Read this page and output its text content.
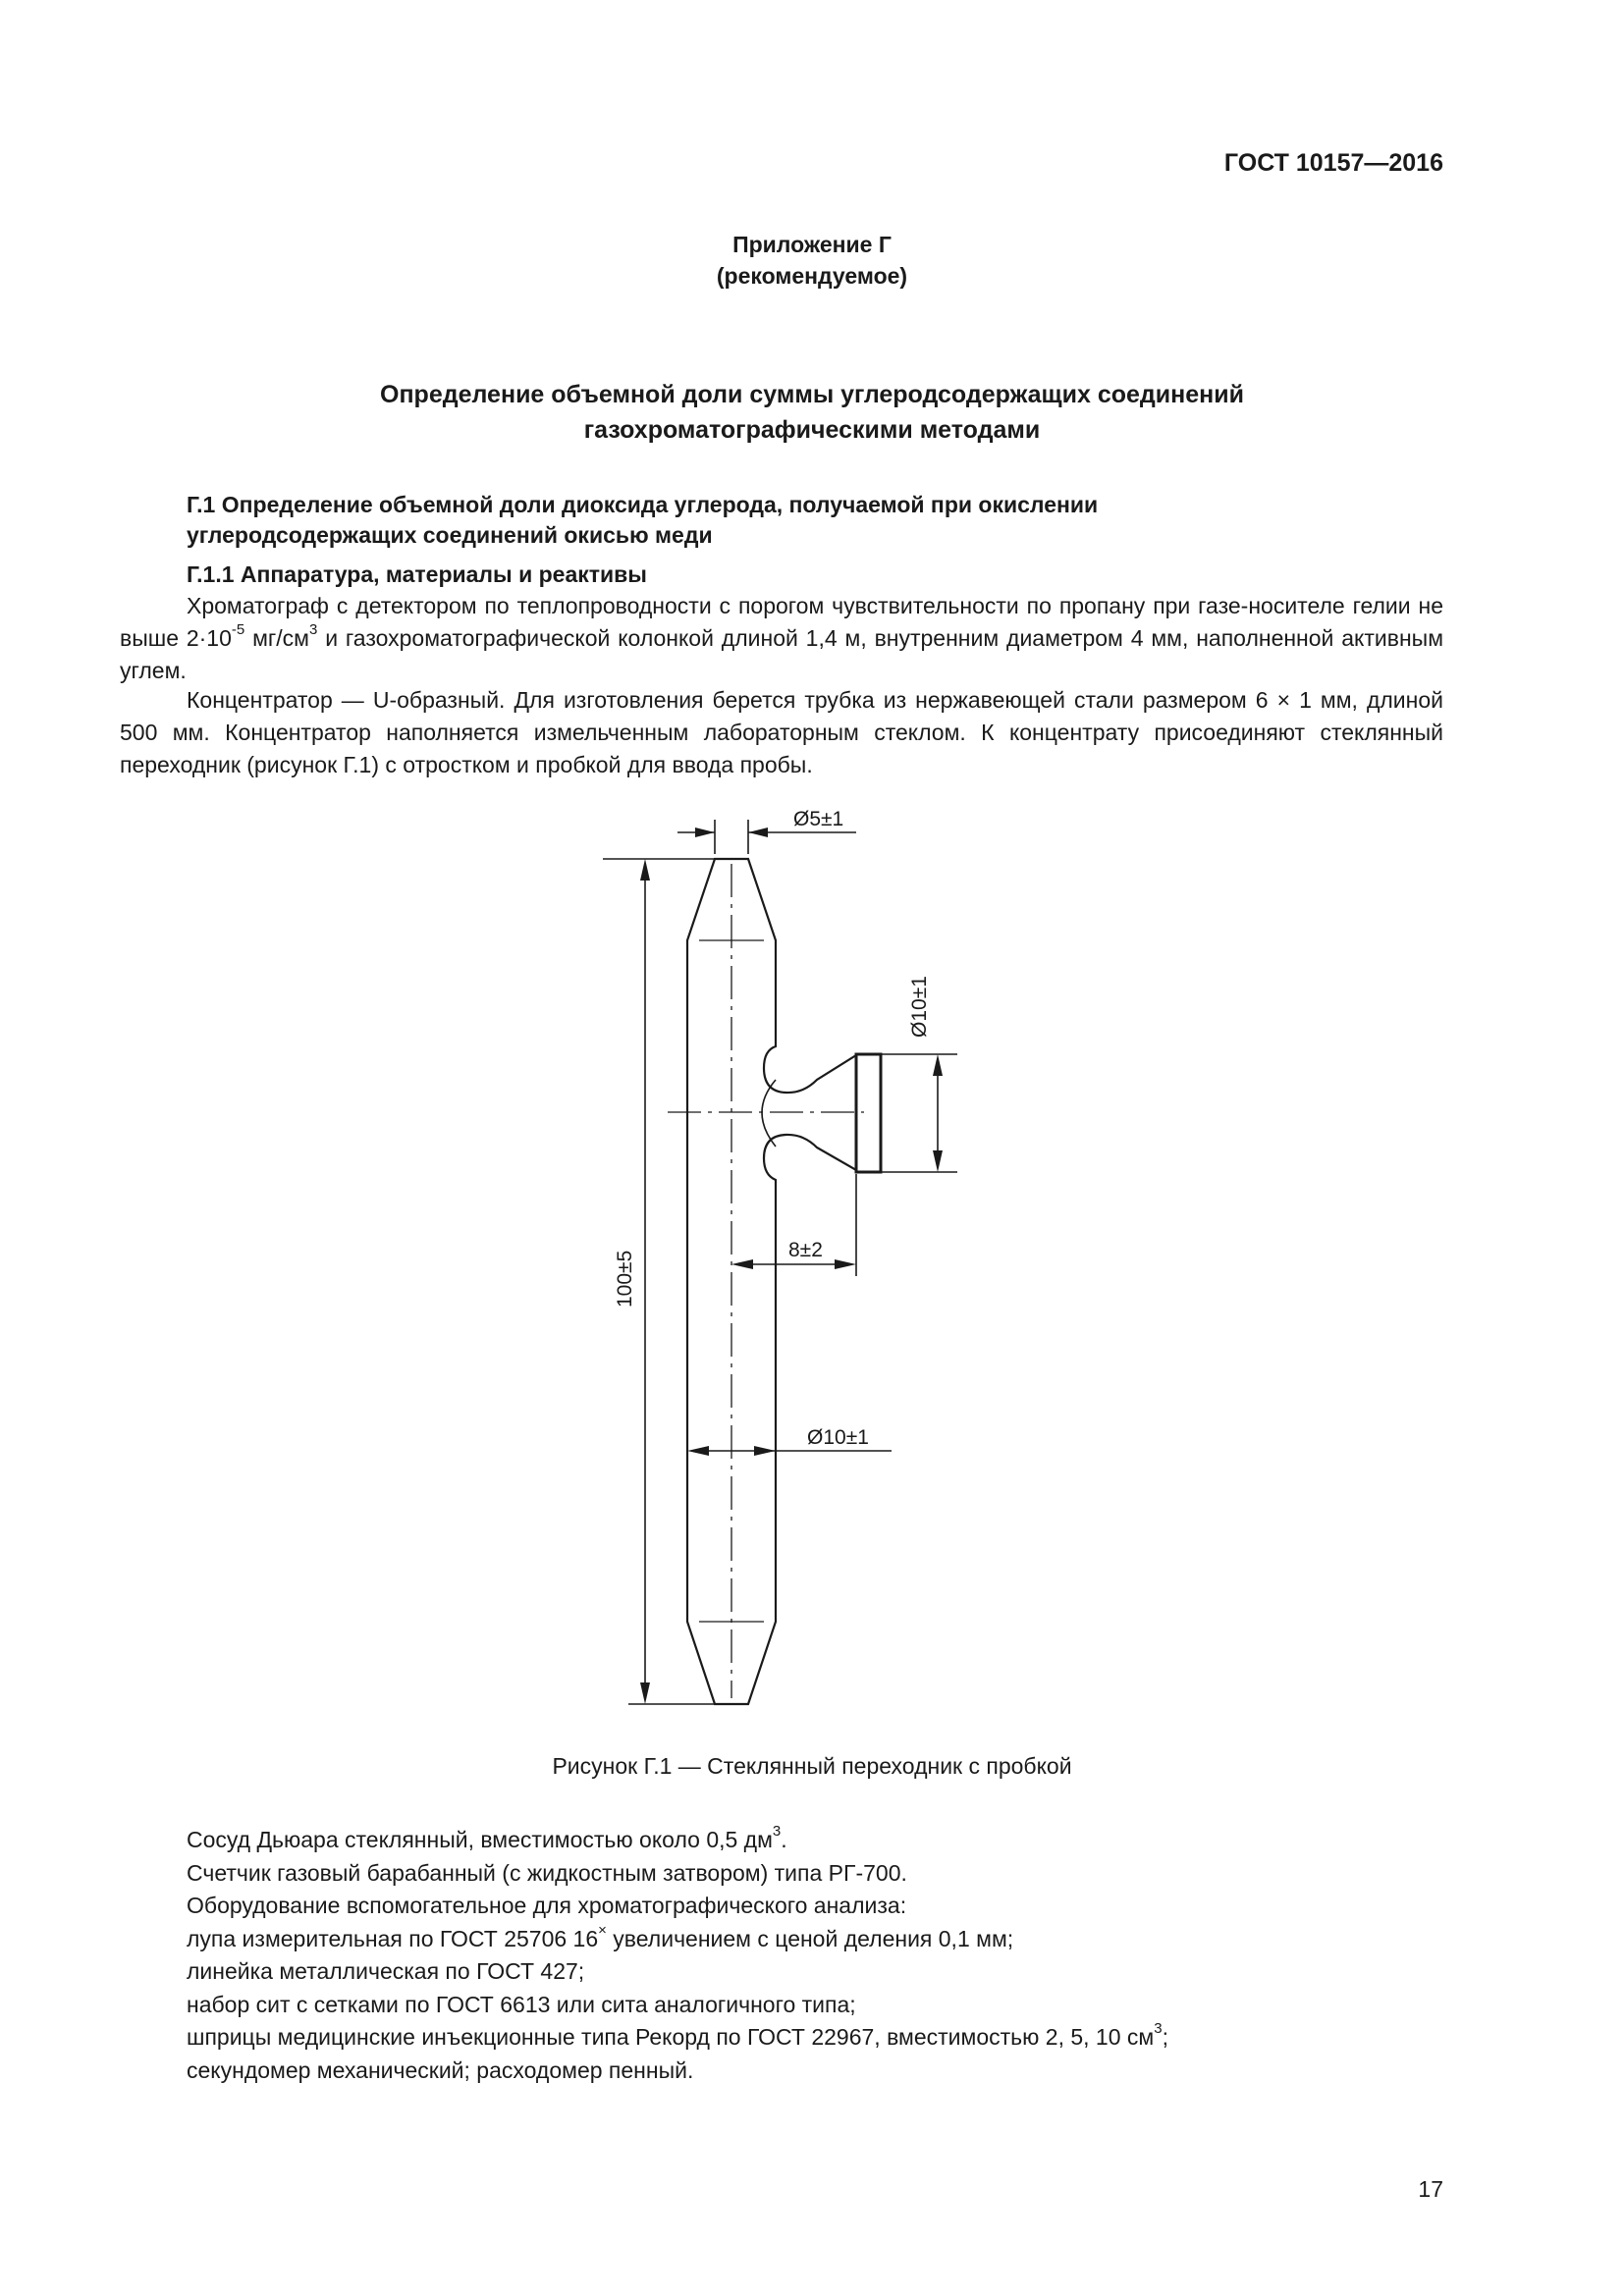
ГОСТ 10157—2016
Приложение Г
(рекомендуемое)
Определение объемной доли суммы углеродсодержащих соединений
газохроматографическими методами
Г.1 Определение объемной доли диоксида углерода, получаемой при окислении
углеродсодержащих соединений окисью меди
Г.1.1 Аппаратура, материалы и реактивы
Хроматограф с детектором по теплопроводности с порогом чувствительности по пропану при газе-носителе гелии не выше $2\cdot 10^{-5}$ $мг/см^3$ и газохроматографической колонкой длиной 1,4 м, внутренним диаметром 4 мм, наполненной активным углем.
Концентратор — U-образный. Для изготовления берется трубка из нержавеющей стали размером 6 × 1 мм, длиной 500 мм. Концентратор наполняется измельченным лабораторным стеклом. К концентрату присоединяют стеклянный переходник (рисунок Г.1) с отростком и пробкой для ввода пробы.
Ø5±1
Ø10±1
100±5
8±2
Ø10±1
Рисунок Г.1 — Стеклянный переходник с пробкой
Сосуд Дьюара стеклянный, вместимостью около 0,5 $дм^3$.
Счетчик газовый барабанный (с жидкостным затвором) типа РГ-700.
Оборудование вспомогательное для хроматографического анализа:
лупа измерительная по ГОСТ 25706 16× увеличением с ценой деления 0,1 мм;
линейка металлическая по ГОСТ 427;
набор сит с сетками по ГОСТ 6613 или сита аналогичного типа;
шприцы медицинские инъекционные типа Рекорд по ГОСТ 22967, вместимостью 2, 5, 10 $см^3$;
секундомер механический; расходомер пенный.
17
